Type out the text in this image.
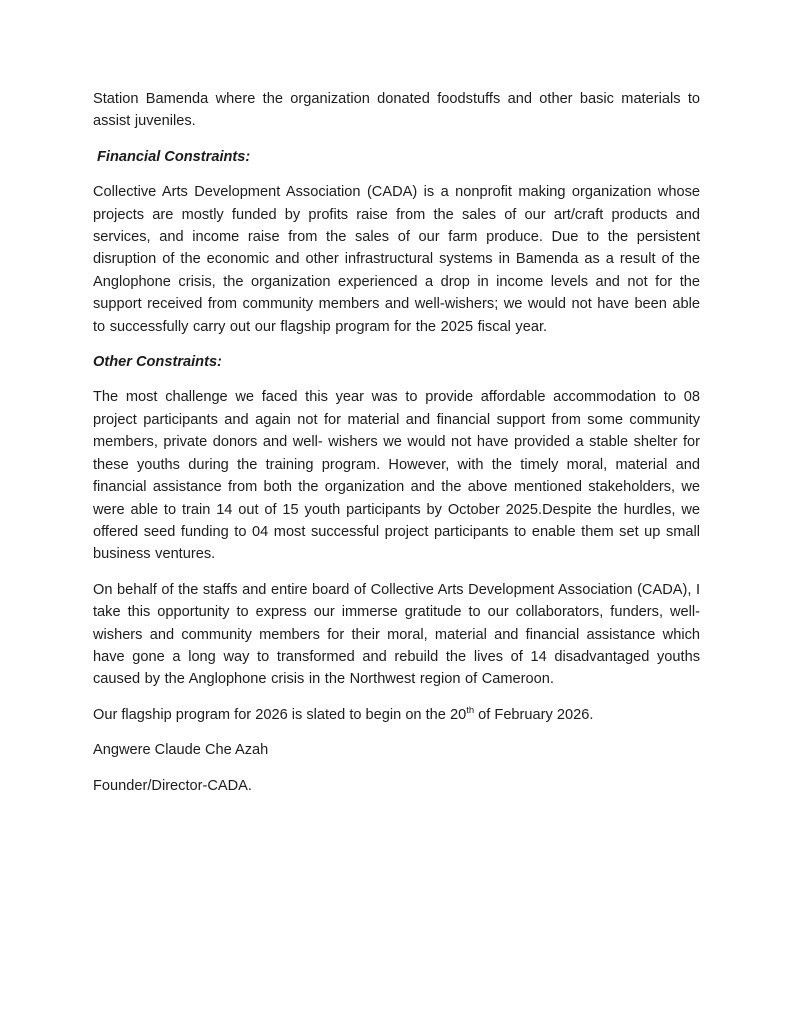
Station Bamenda where the organization donated foodstuffs and other basic materials to assist juveniles.

Financial Constraints:

Collective Arts Development Association (CADA) is a nonprofit making organization whose projects are mostly funded by profits raise from the sales of our art/craft products and services, and income raise from the sales of our farm produce. Due to the persistent disruption of the economic and other infrastructural systems in Bamenda as a result of the Anglophone crisis, the organization experienced a drop in income levels and not for the support received from community members and well-wishers; we would not have been able to successfully carry out our flagship program for the 2025 fiscal year.

Other Constraints:

The most challenge we faced this year was to provide affordable accommodation to 08 project participants and again not for material and financial support from some community members, private donors and well- wishers we would not have provided a stable shelter for these youths during the training program. However, with the timely moral, material and financial assistance from both the organization and the above mentioned stakeholders, we were able to train 14 out of 15 youth participants by October 2025.Despite the hurdles, we offered seed funding to 04 most successful project participants to enable them set up small business ventures.

On behalf of the staffs and entire board of Collective Arts Development Association (CADA), I take this opportunity to express our immerse gratitude to our collaborators, funders, well-wishers and community members for their moral, material and financial assistance which have gone a long way to transformed and rebuild the lives of 14 disadvantaged youths caused by the Anglophone crisis in the Northwest region of Cameroon.

Our flagship program for 2026 is slated to begin on the 20th of February 2026.

Angwere Claude Che Azah

Founder/Director-CADA.
